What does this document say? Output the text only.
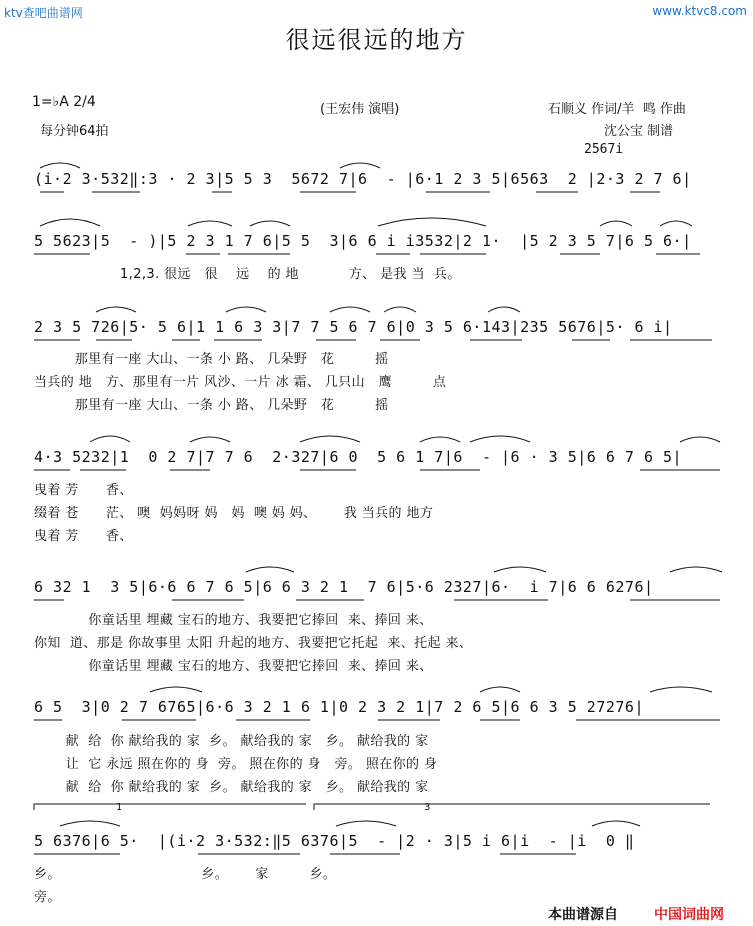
ktv查吧曲谱网	www.ktvc8.com
很远很远的地方
1=♭A 2/4
每分钟64拍
(王宏伟 演唱)	石顺义 作词/羊  鸣 作曲
沈公宝 制谱
2567i
(i·2 3·532‖:3 · 2 3|5 5 3  5672 7|6  - |6·1 2 3 5|6563  2 |2·3 2 7 6|
5 5623|5  - )|5 2 3 1 7 6|5 5  3|6 6 i i3532|2 1·  |5 2 3 5 7|6 5 6·|
1,2,3. 很远   很    远    的 地           方、 是我 当  兵。
2 3 5 726|5· 5 6|1 1 6 3 3|7 7 5 6 7 6|0 3 5 6·143|235 5676|5· 6 i|
那里有一座 大山、一条 小 路、 几朵野   花         摇
当兵的 地   方、那里有一片 风沙、一片 冰 霜、 几只山   鹰         点
那里有一座 大山、一条 小 路、 几朵野   花         摇
4·3 5232|1  0 2 7|7 7 6  2·327|6 0  5 6 1 7|6  - |6 · 3 5|6 6 7 6 5|
曳着 芳      香、
缀着 苍      茫、 噢  妈妈呀 妈   妈  噢 妈 妈、      我 当兵的 地方
曳着 芳      香、
6 32 1  3 5|6·6 6 7 6 5|6 6 3 2 1  7 6|5·6 2327|6·  i 7|6 6 6276|
你童话里 埋藏 宝石的地方、我要把它捧回  来、捧回 来、
你知  道、那是 你故事里 太阳 升起的地方、我要把它托起  来、托起 来、
你童话里 埋藏 宝石的地方、我要把它捧回  来、捧回 来、
6 5  3|0 2 7 6765|6·6 3 2 1 6 1|0 2 3 2 1|7 2 6 5|6 6 3 5 27276|
献  给  你 献给我的 家  乡。 献给我的 家   乡。 献给我的 家
让  它 永远 照在你的 身  旁。 照在你的 身   旁。 照在你的 身
献  给  你 献给我的 家  乡。 献给我的 家   乡。 献给我的 家
1	3
5 6376|6 5·  |(i·2 3·532:‖5 6376|5  - |2 · 3|5 i 6|i  - |i  0 ‖
乡。                               乡。      家         乡。
旁。
本曲谱源自	中国词曲网
